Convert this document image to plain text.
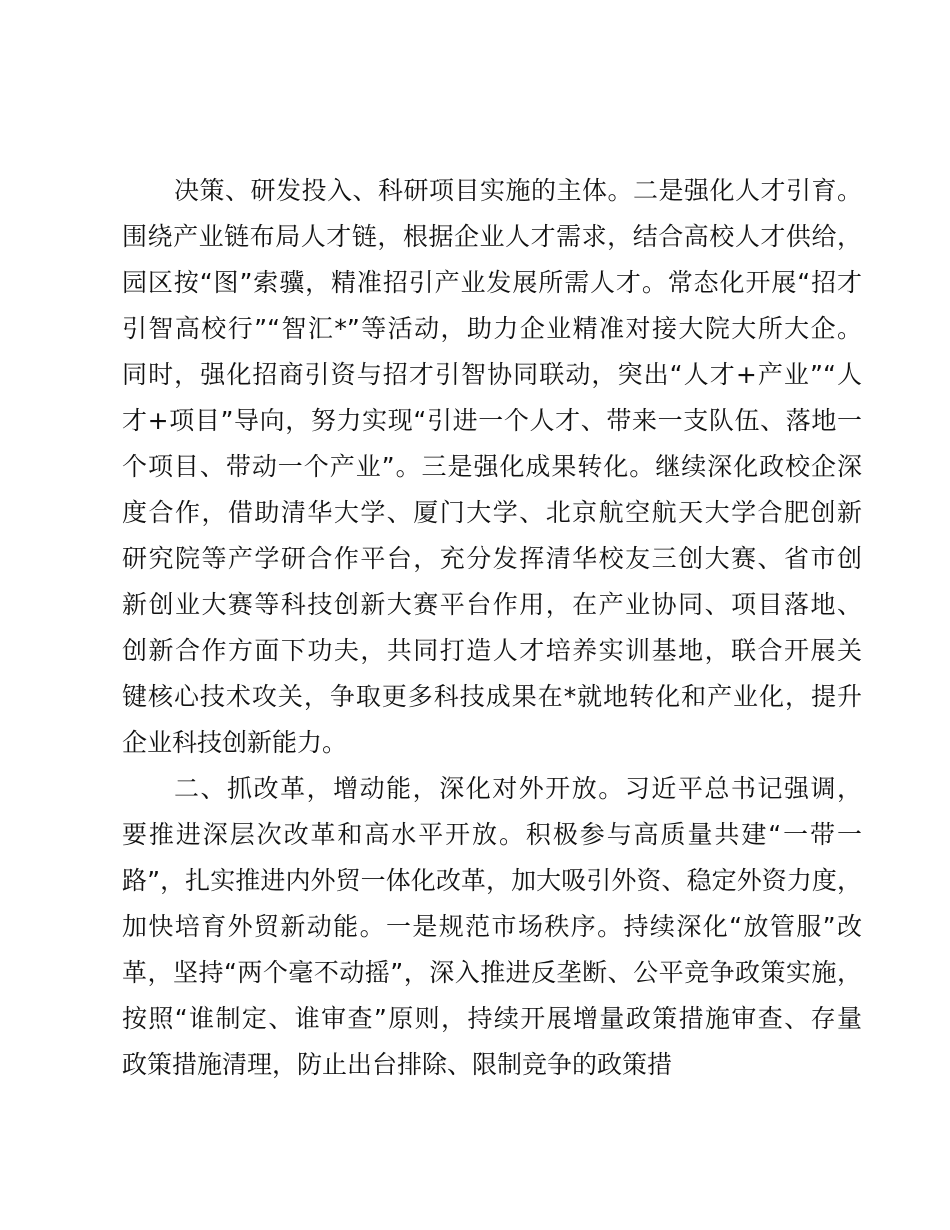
决策、研发投入、科研项目实施的主体。二是强化人才引育。
围绕产业链布局人才链，根据企业人才需求，结合高校人才供给，
园区按“图”索骥，精准招引产业发展所需人才。常态化开展“招才
引智高校行”“智汇*”等活动，助力企业精准对接大院大所大企。
同时，强化招商引资与招才引智协同联动，突出“人才+产业”“人
才+项目”导向，努力实现“引进一个人才、带来一支队伍、落地一
个项目、带动一个产业”。三是强化成果转化。继续深化政校企深
度合作，借助清华大学、厦门大学、北京航空航天大学合肥创新
研究院等产学研合作平台，充分发挥清华校友三创大赛、省市创
新创业大赛等科技创新大赛平台作用，在产业协同、项目落地、
创新合作方面下功夫，共同打造人才培养实训基地，联合开展关
键核心技术攻关，争取更多科技成果在*就地转化和产业化，提升
企业科技创新能力。
二、抓改革，增动能，深化对外开放。习近平总书记强调，
要推进深层次改革和高水平开放。积极参与高质量共建“一带一
路”，扎实推进内外贸一体化改革，加大吸引外资、稳定外资力度，
加快培育外贸新动能。一是规范市场秩序。持续深化“放管服”改
革，坚持“两个毫不动摇”，深入推进反垄断、公平竞争政策实施，
按照“谁制定、谁审查”原则，持续开展增量政策措施审查、存量
政策措施清理，防止出台排除、限制竞争的政策措
